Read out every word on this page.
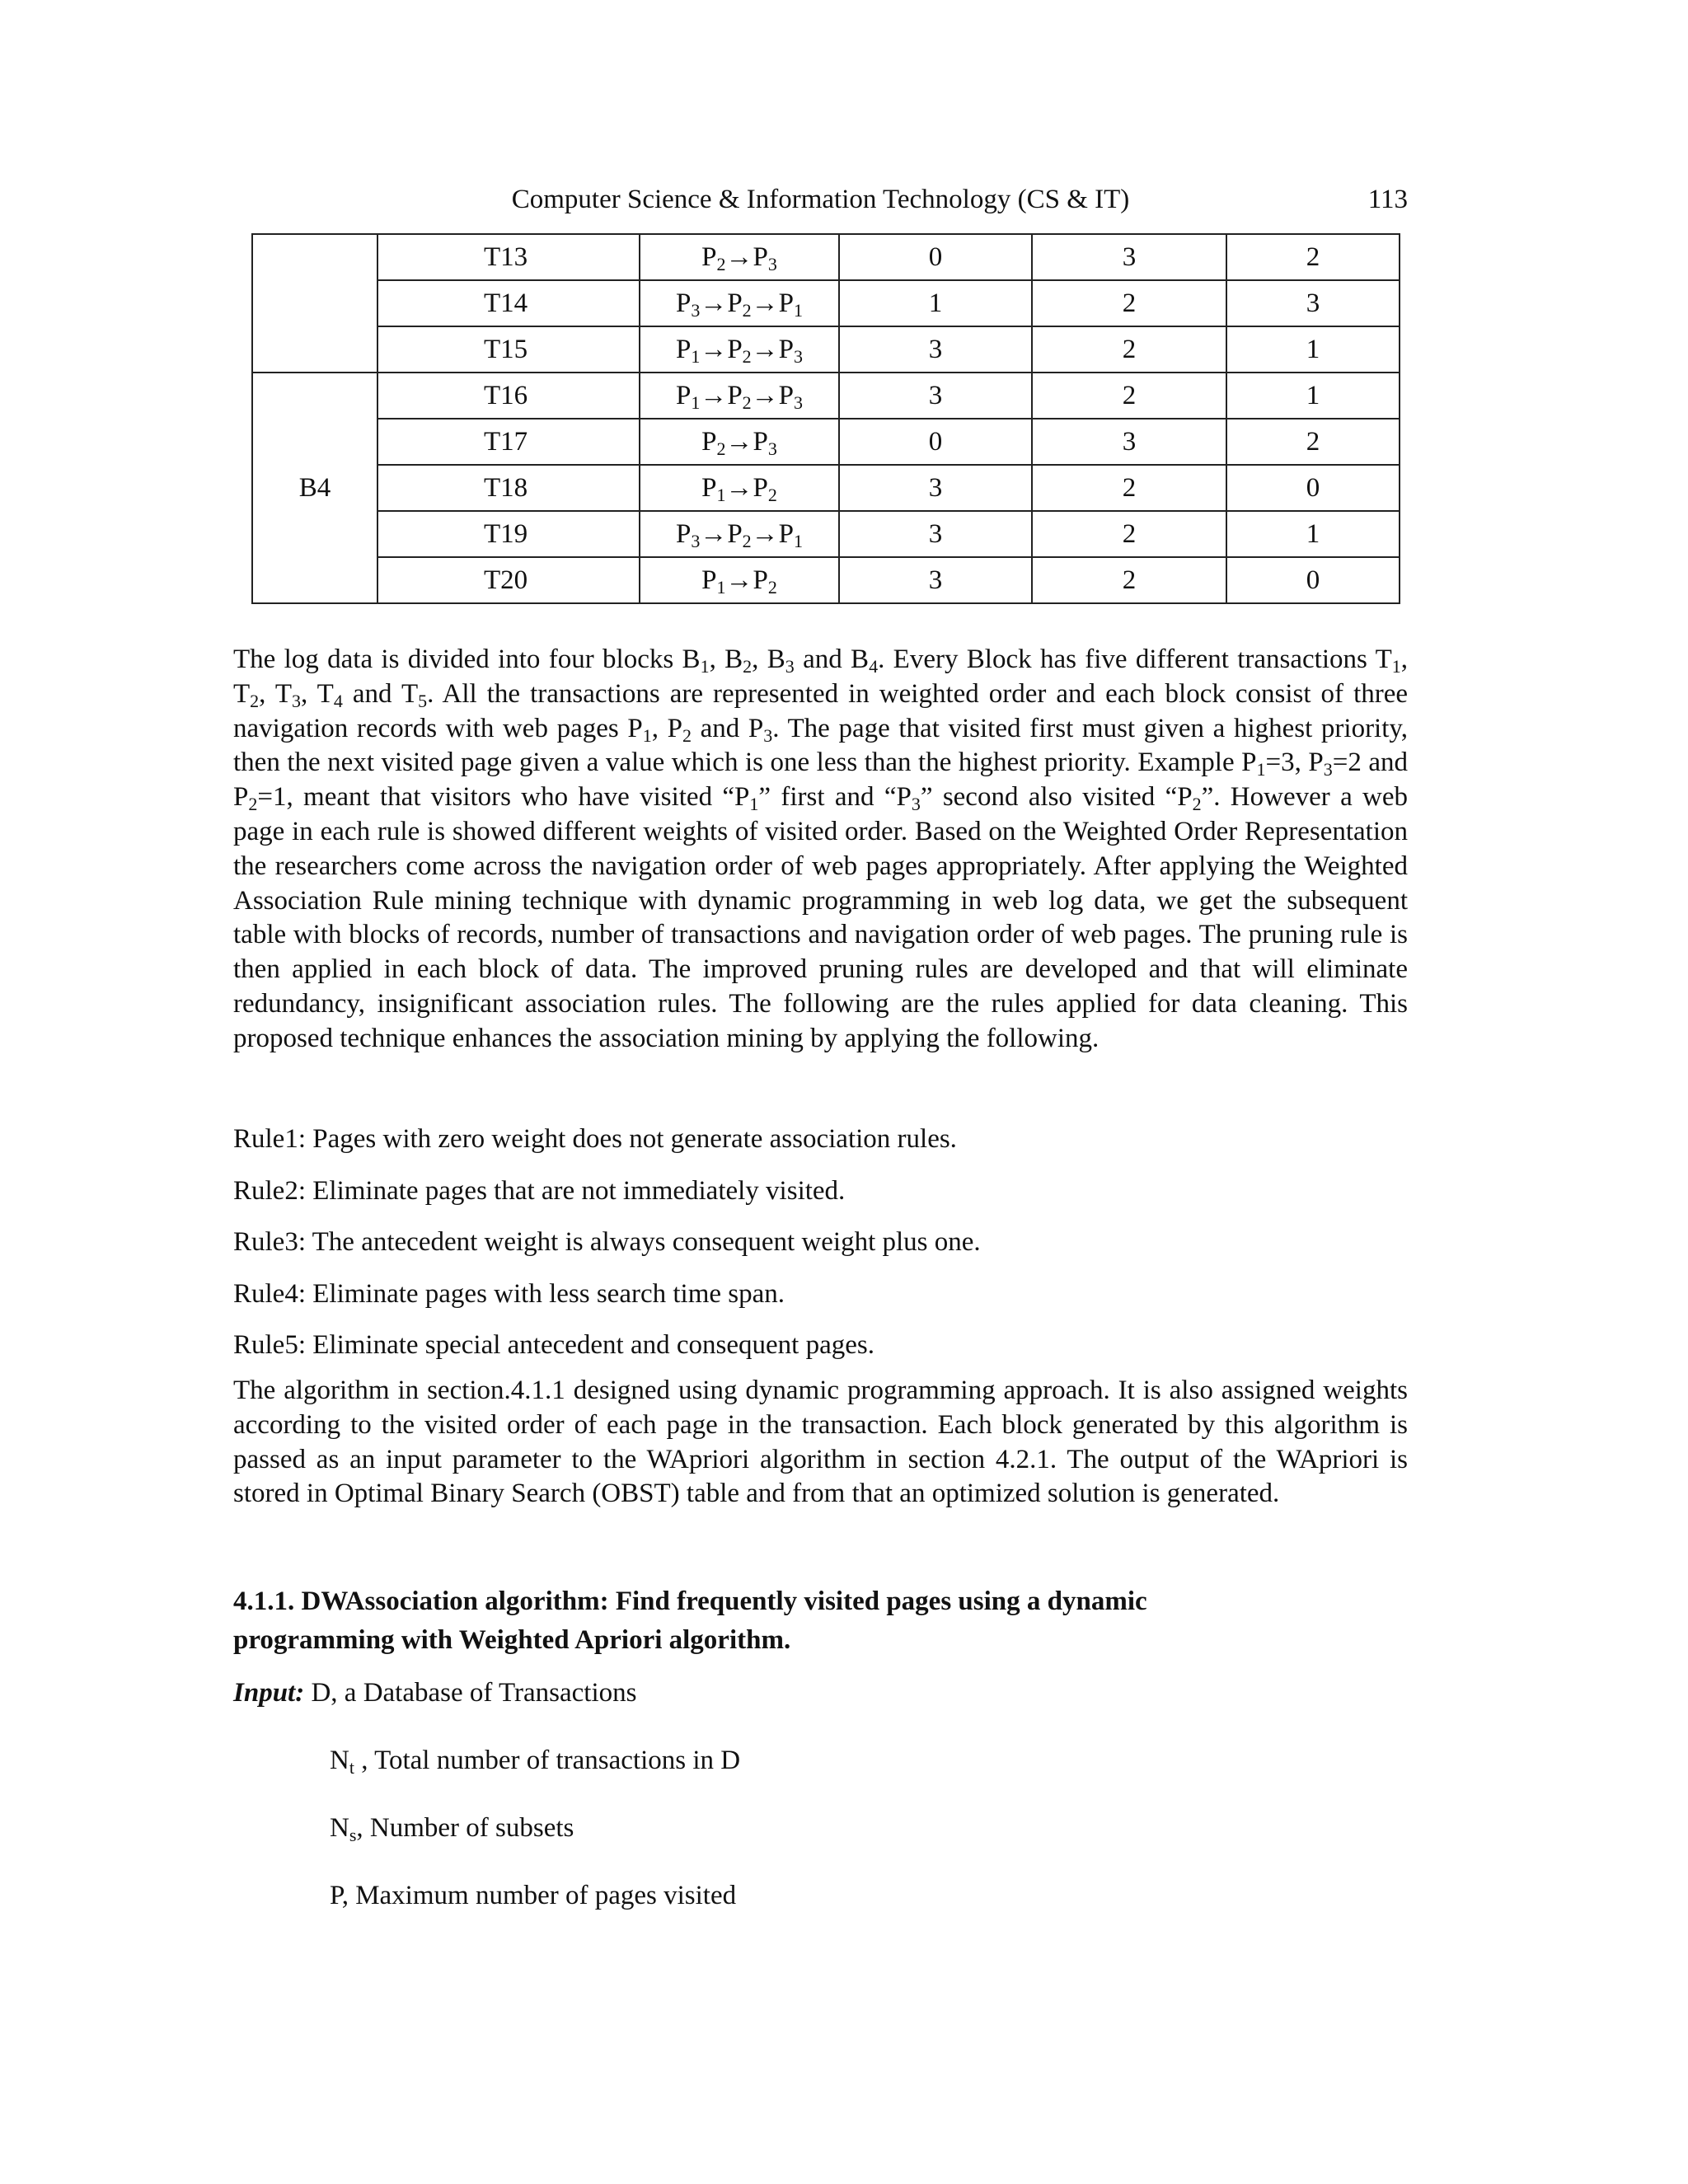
Computer Science & Information Technology (CS & IT)	113
	T13	$P_2\to P_3$	0	3	2
	T14	$P_3\to P_2\to P_1$	1	2	3
	T15	$P_1\to P_2\to P_3$	3	2	1
B4	T16	$P_1\to P_2\to P_3$	3	2	1
	T17	$P_2\to P_3$	0	3	2
	T18	$P_1\to P_2$	3	2	0
	T19	$P_3\to P_2\to P_1$	3	2	1
	T20	$P_1\to P_2$	3	2	0

The log data is divided into four blocks $B_1$, $B_2$, $B_3$ and $B_4$. Every Block has five different transactions $T_1$, $T_2$, $T_3$, $T_4$ and $T_5$. All the transactions are represented in weighted order and each block consist of three navigation records with web pages $P_1$, $P_2$ and $P_3$. The page that visited first must given a highest priority, then the next visited page given a value which is one less than the highest priority. Example $P_1=3$, $P_3=2$ and $P_2=1$, meant that visitors who have visited “$P_1$” first and “$P_3$” second also visited “$P_2$”. However a web page in each rule is showed different weights of visited order. Based on the Weighted Order Representation the researchers come across the navigation order of web pages appropriately. After applying the Weighted Association Rule mining technique with dynamic programming in web log data, we get the subsequent table with blocks of records, number of transactions and navigation order of web pages. The pruning rule is then applied in each block of data. The improved pruning rules are developed and that will eliminate redundancy, insignificant association rules. The following are the rules applied for data cleaning. This proposed technique enhances the association mining by applying the following.

Rule1: Pages with zero weight does not generate association rules.
Rule2: Eliminate pages that are not immediately visited.
Rule3: The antecedent weight is always consequent weight plus one.
Rule4: Eliminate pages with less search time span.
Rule5: Eliminate special antecedent and consequent pages.

The algorithm in section.4.1.1 designed using dynamic programming approach. It is also assigned weights according to the visited order of each page in the transaction. Each block generated by this algorithm is passed as an input parameter to the WApriori algorithm in section 4.2.1. The output of the WApriori is stored in Optimal Binary Search (OBST) table and from that an optimized solution is generated.

4.1.1. DWAssociation algorithm: Find frequently visited pages using a dynamic
programming with Weighted Apriori algorithm.
Input: D, a Database of Transactions
$N_t$ , Total number of transactions in D
$N_s$, Number of subsets
P, Maximum number of pages visited
